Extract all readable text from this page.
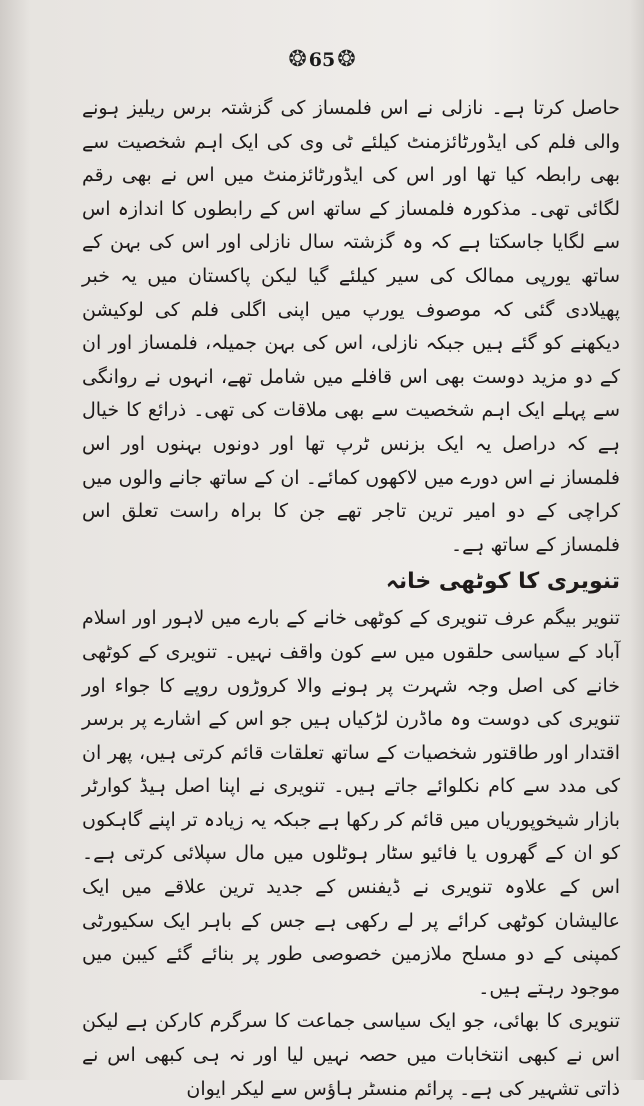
❂ 65 ❂

حاصل کرتا ہے۔ نازلی نے اس فلمساز کی گزشتہ برس ریلیز ہونے والی فلم کی ایڈورٹائزمنٹ کیلئے ٹی وی کی ایک اہم شخصیت سے بھی رابطہ کیا تھا اور اس کی ایڈورٹائزمنٹ میں اس نے بھی رقم لگائی تھی۔ مذکورہ فلمساز کے ساتھ اس کے رابطوں کا اندازہ اس سے لگایا جاسکتا ہے کہ وہ گزشتہ سال نازلی اور اس کی بہن کے ساتھ یورپی ممالک کی سیر کیلئے گیا لیکن پاکستان میں یہ خبر پھیلادی گئی کہ موصوف یورپ میں اپنی اگلی فلم کی لوکیشن دیکھنے کو گئے ہیں جبکہ نازلی، اس کی بہن جمیلہ، فلمساز اور ان کے دو مزید دوست بھی اس قافلے میں شامل تھے، انہوں نے روانگی سے پہلے ایک اہم شخصیت سے بھی ملاقات کی تھی۔ ذرائع کا خیال ہے کہ دراصل یہ ایک بزنس ٹرپ تھا اور دونوں بہنوں اور اس فلمساز نے اس دورے میں لاکھوں کمائے۔ ان کے ساتھ جانے والوں میں کراچی کے دو امیر ترین تاجر تھے جن کا براہ راست تعلق اس فلمساز کے ساتھ ہے۔

تنویری کا کوٹھی خانہ

تنویر بیگم عرف تنویری کے کوٹھی خانے کے بارے میں لاہور اور اسلام آباد کے سیاسی حلقوں میں سے کون واقف نہیں۔ تنویری کے کوٹھی خانے کی اصل وجہ شہرت پر ہونے والا کروڑوں روپے کا جواء اور تنویری کی دوست وہ ماڈرن لڑکیاں ہیں جو اس کے اشارے پر برسر اقتدار اور طاقتور شخصیات کے ساتھ تعلقات قائم کرتی ہیں، پھر ان کی مدد سے کام نکلوائے جاتے ہیں۔ تنویری نے اپنا اصل ہیڈ کوارٹر بازار شیخوپوریاں میں قائم کر رکھا ہے جبکہ یہ زیادہ تر اپنے گاہکوں کو ان کے گھروں یا فائیو سٹار ہوٹلوں میں مال سپلائی کرتی ہے۔ اس کے علاوہ تنویری نے ڈیفنس کے جدید ترین علاقے میں ایک عالیشان کوٹھی کرائے پر لے رکھی ہے جس کے باہر ایک سکیورٹی کمپنی کے دو مسلح ملازمین خصوصی طور پر بنائے گئے کیبن میں موجود رہتے ہیں۔

تنویری کا بھائی، جو ایک سیاسی جماعت کا سرگرم کارکن ہے لیکن اس نے کبھی انتخابات میں حصہ نہیں لیا اور نہ ہی کبھی اس نے ذاتی تشہیر کی ہے۔ پرائم منسٹر ہاؤس سے لیکر ایوان
